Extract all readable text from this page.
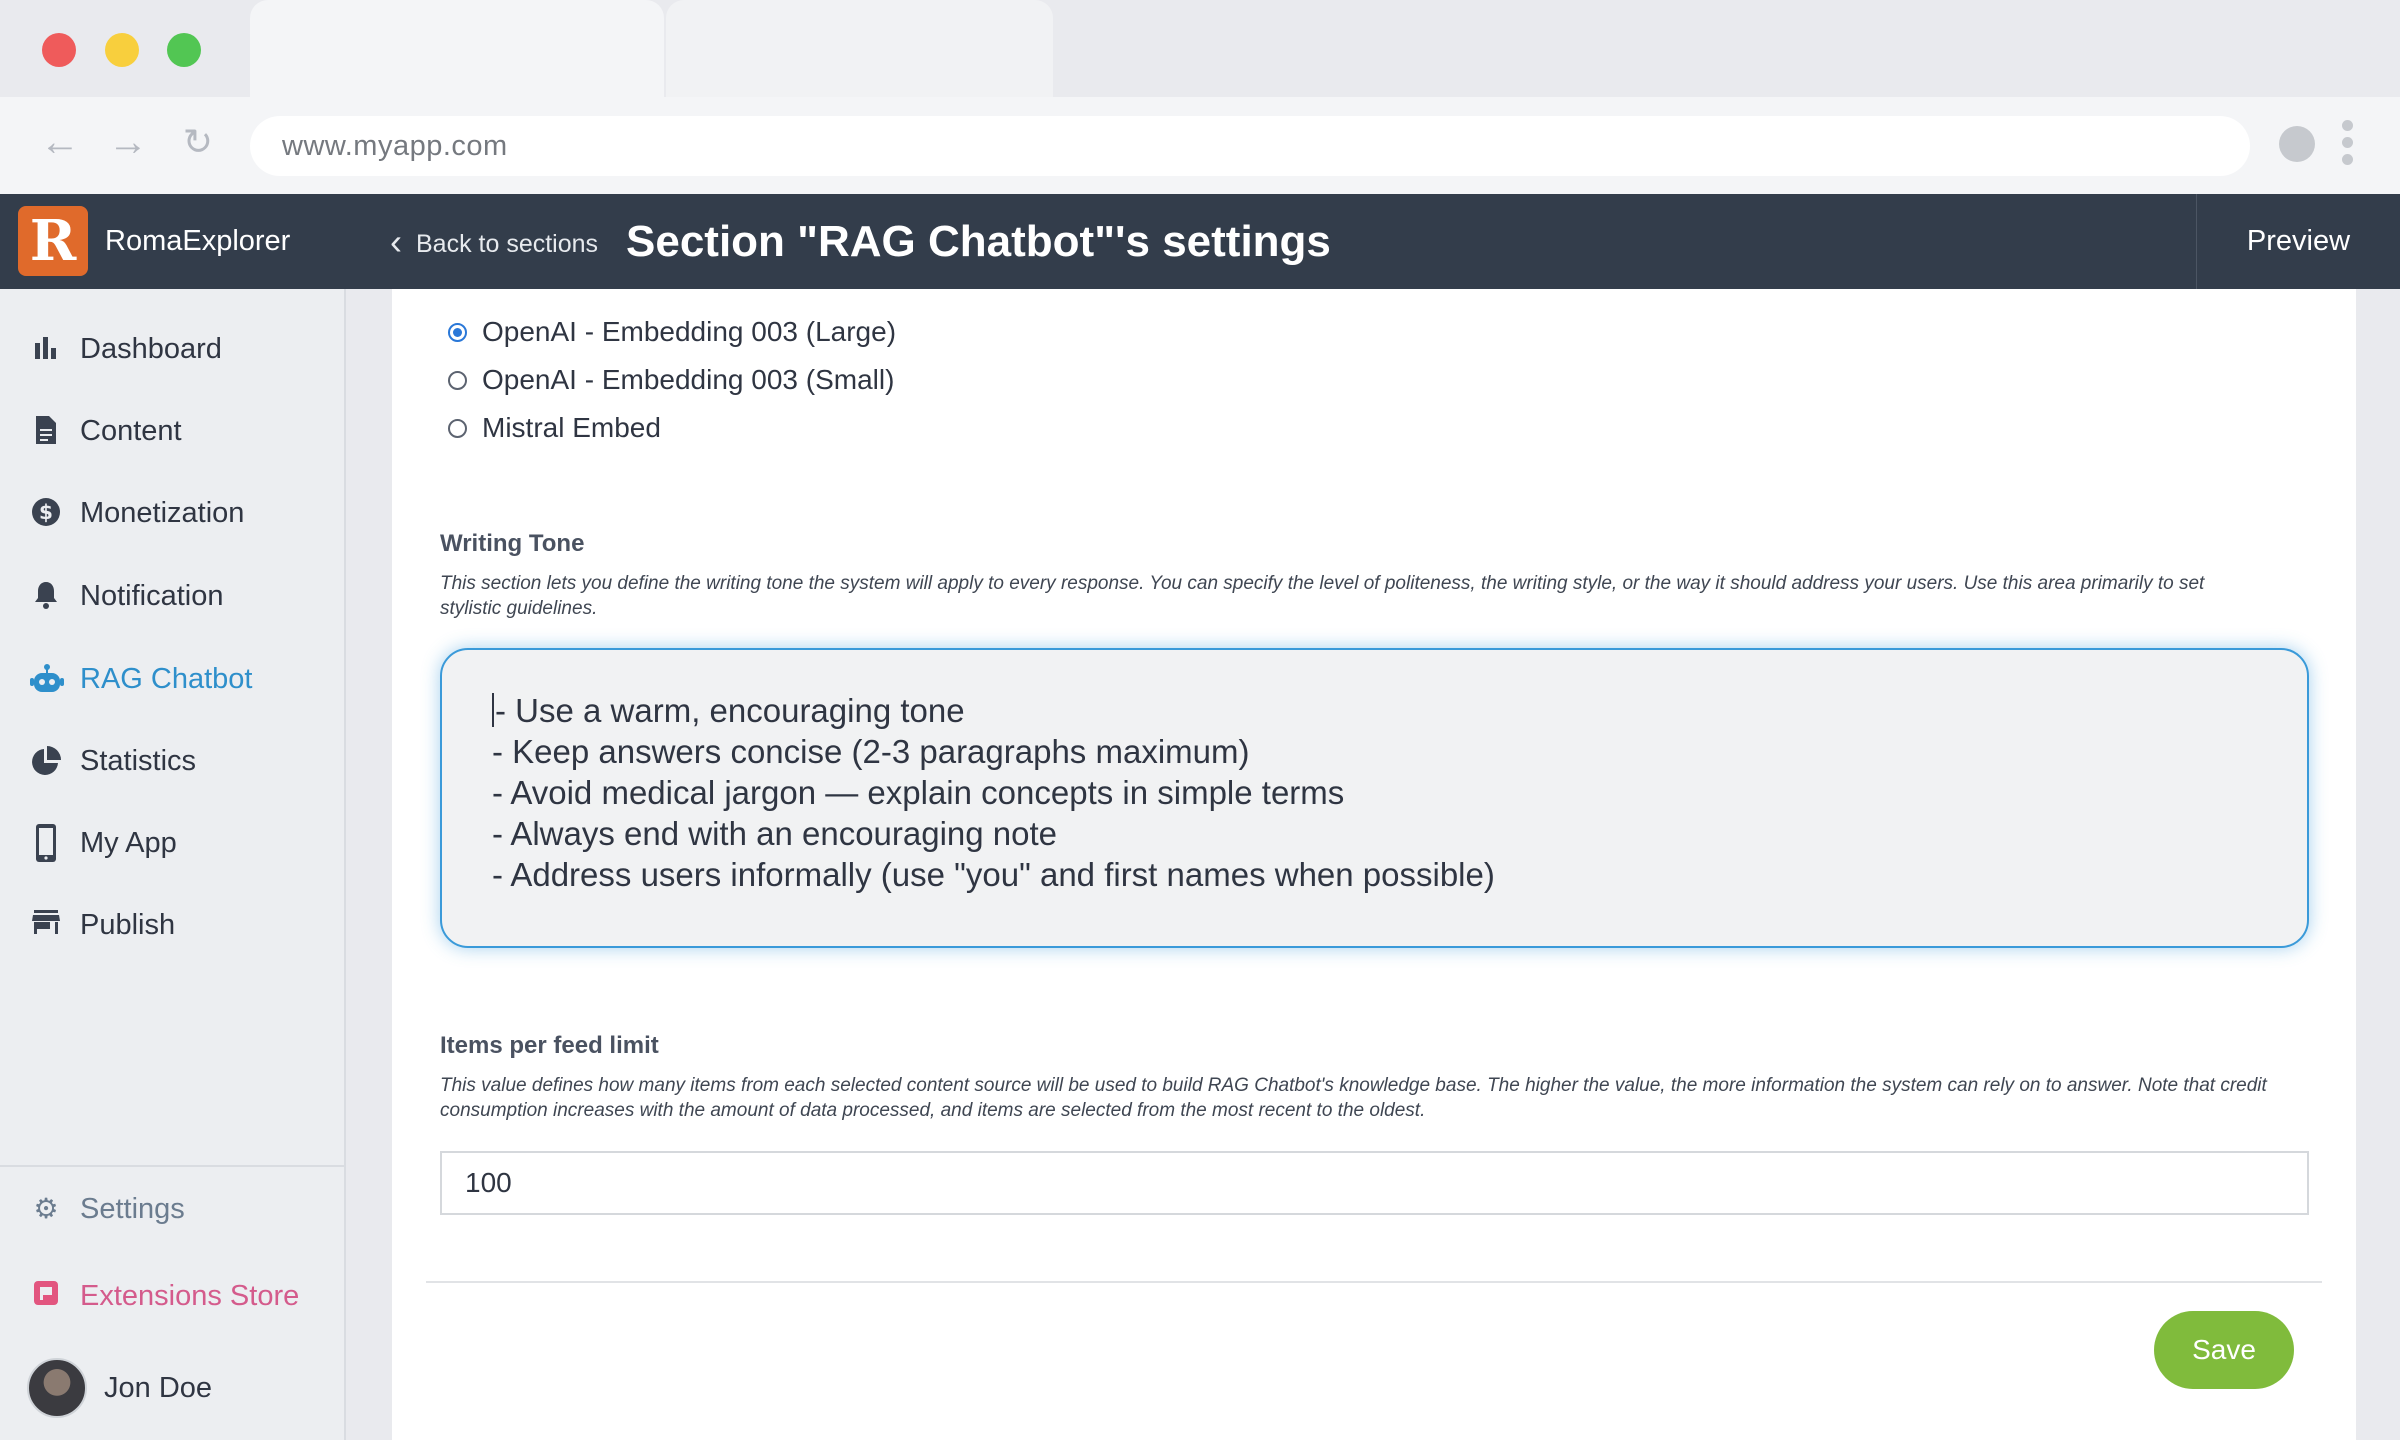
← → ↻	www.myapp.com
R RomaExplorer	‹ Back to sections Section "RAG Chatbot"'s settings	Preview
Dashboard
Content
$ Monetization
Notification
RAG Chatbot
Statistics
My App
Publish
⚙ Settings
Extensions Store
Jon Doe
OpenAI - Embedding 003 (Large)
OpenAI - Embedding 003 (Small)
Mistral Embed
Writing Tone
This section lets you define the writing tone the system will apply to every response. You can specify the level of politeness, the writing style, or the way it should address your users. Use this area primarily to set stylistic guidelines.
- Use a warm, encouraging tone
- Keep answers concise (2-3 paragraphs maximum)
- Avoid medical jargon — explain concepts in simple terms
- Always end with an encouraging note
- Address users informally (use "you" and first names when possible)
Items per feed limit
This value defines how many items from each selected content source will be used to build RAG Chatbot's knowledge base. The higher the value, the more information the system can rely on to answer. Note that credit consumption increases with the amount of data processed, and items are selected from the most recent to the oldest.
100
Save
